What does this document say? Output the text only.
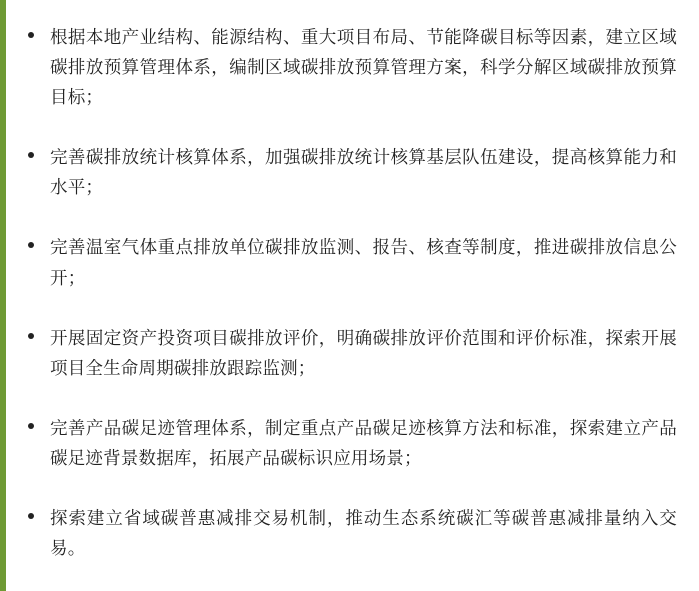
根据本地产业结构、能源结构、重大项目布局、节能降碳目标等因素，建立区域碳排放预算管理体系，编制区域碳排放预算管理方案，科学分解区域碳排放预算目标；
完善碳排放统计核算体系，加强碳排放统计核算基层队伍建设，提高核算能力和水平；
完善温室气体重点排放单位碳排放监测、报告、核查等制度，推进碳排放信息公开；
开展固定资产投资项目碳排放评价，明确碳排放评价范围和评价标准，探索开展项目全生命周期碳排放跟踪监测；
完善产品碳足迹管理体系，制定重点产品碳足迹核算方法和标准，探索建立产品碳足迹背景数据库，拓展产品碳标识应用场景；
探索建立省域碳普惠减排交易机制，推动生态系统碳汇等碳普惠减排量纳入交易。
